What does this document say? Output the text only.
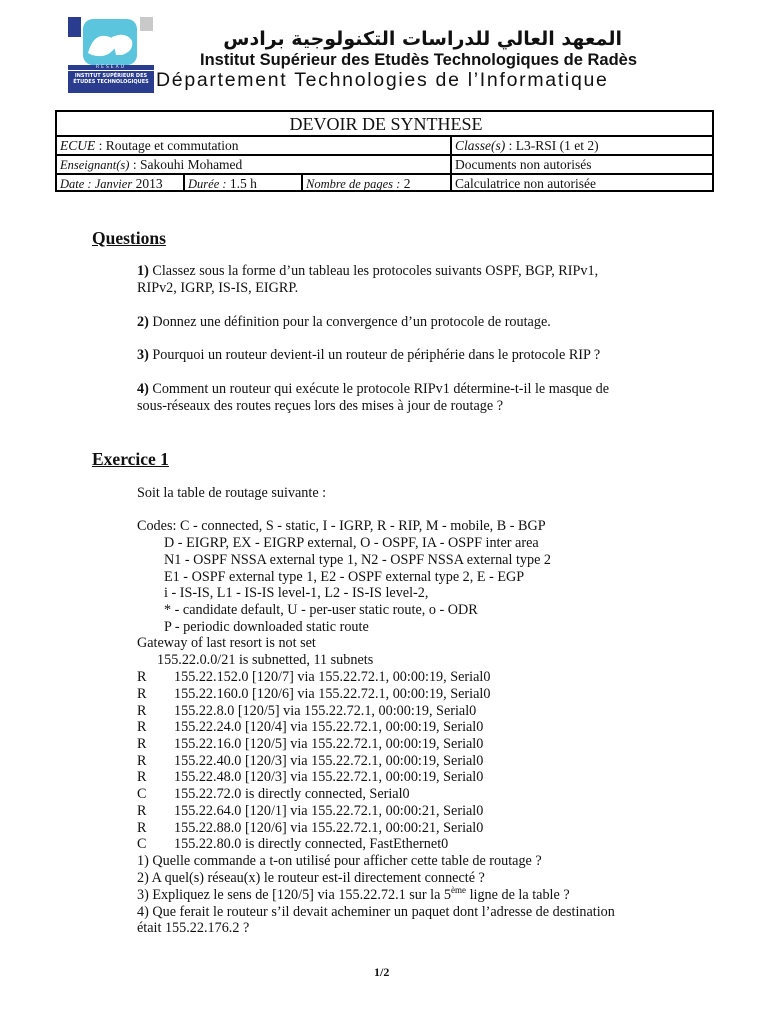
RESEAU
INSTITUT SUPÉRIEUR DES ÉTUDES TECHNOLOGIQUES
المعهد العالي للدراسات التكنولوجية برادس
Institut Supérieur des Etudès Technologiques de Radès
Département Technologies de l’Informatique
DEVOIR DE SYNTHESE
ECUE : Routage et commutation	Classe(s) : L3-RSI (1 et 2)
Enseignant(s) : Sakouhi Mohamed	Documents non autorisés
Date : Janvier 2013	Durée : 1.5 h	Nombre de pages : 2	Calculatrice non autorisée
Questions
1) Classez sous la forme d’un tableau les protocoles suivants OSPF, BGP, RIPv1,
RIPv2, IGRP, IS-IS, EIGRP.
2) Donnez une définition pour la convergence d’un protocole de routage.
3) Pourquoi un routeur devient-il un routeur de périphérie dans le protocole RIP ?
4) Comment un routeur qui exécute le protocole RIPv1 détermine-t-il le masque de
sous-réseaux des routes reçues lors des mises à jour de routage ?
Exercice 1
Soit la table de routage suivante :
Codes: C - connected, S - static, I - IGRP, R - RIP, M - mobile, B - BGP
D - EIGRP, EX - EIGRP external, O - OSPF, IA - OSPF inter area
N1 - OSPF NSSA external type 1, N2 - OSPF NSSA external type 2
E1 - OSPF external type 1, E2 - OSPF external type 2, E - EGP
i - IS-IS, L1 - IS-IS level-1, L2 - IS-IS level-2,
* - candidate default, U - per-user static route, o - ODR
P - periodic downloaded static route
Gateway of last resort is not set
155.22.0.0/21 is subnetted, 11 subnets
R 155.22.152.0 [120/7] via 155.22.72.1, 00:00:19, Serial0
R 155.22.160.0 [120/6] via 155.22.72.1, 00:00:19, Serial0
R 155.22.8.0 [120/5] via 155.22.72.1, 00:00:19, Serial0
R 155.22.24.0 [120/4] via 155.22.72.1, 00:00:19, Serial0
R 155.22.16.0 [120/5] via 155.22.72.1, 00:00:19, Serial0
R 155.22.40.0 [120/3] via 155.22.72.1, 00:00:19, Serial0
R 155.22.48.0 [120/3] via 155.22.72.1, 00:00:19, Serial0
C 155.22.72.0 is directly connected, Serial0
R 155.22.64.0 [120/1] via 155.22.72.1, 00:00:21, Serial0
R 155.22.88.0 [120/6] via 155.22.72.1, 00:00:21, Serial0
C 155.22.80.0 is directly connected, FastEthernet0
1) Quelle commande a t-on utilisé pour afficher cette table de routage ?
2) A quel(s) réseau(x) le routeur est-il directement connecté ?
3) Expliquez le sens de [120/5] via 155.22.72.1 sur la 5ème ligne de la table ?
4) Que ferait le routeur s’il devait acheminer un paquet dont l’adresse de destination
était 155.22.176.2 ?
1/2
